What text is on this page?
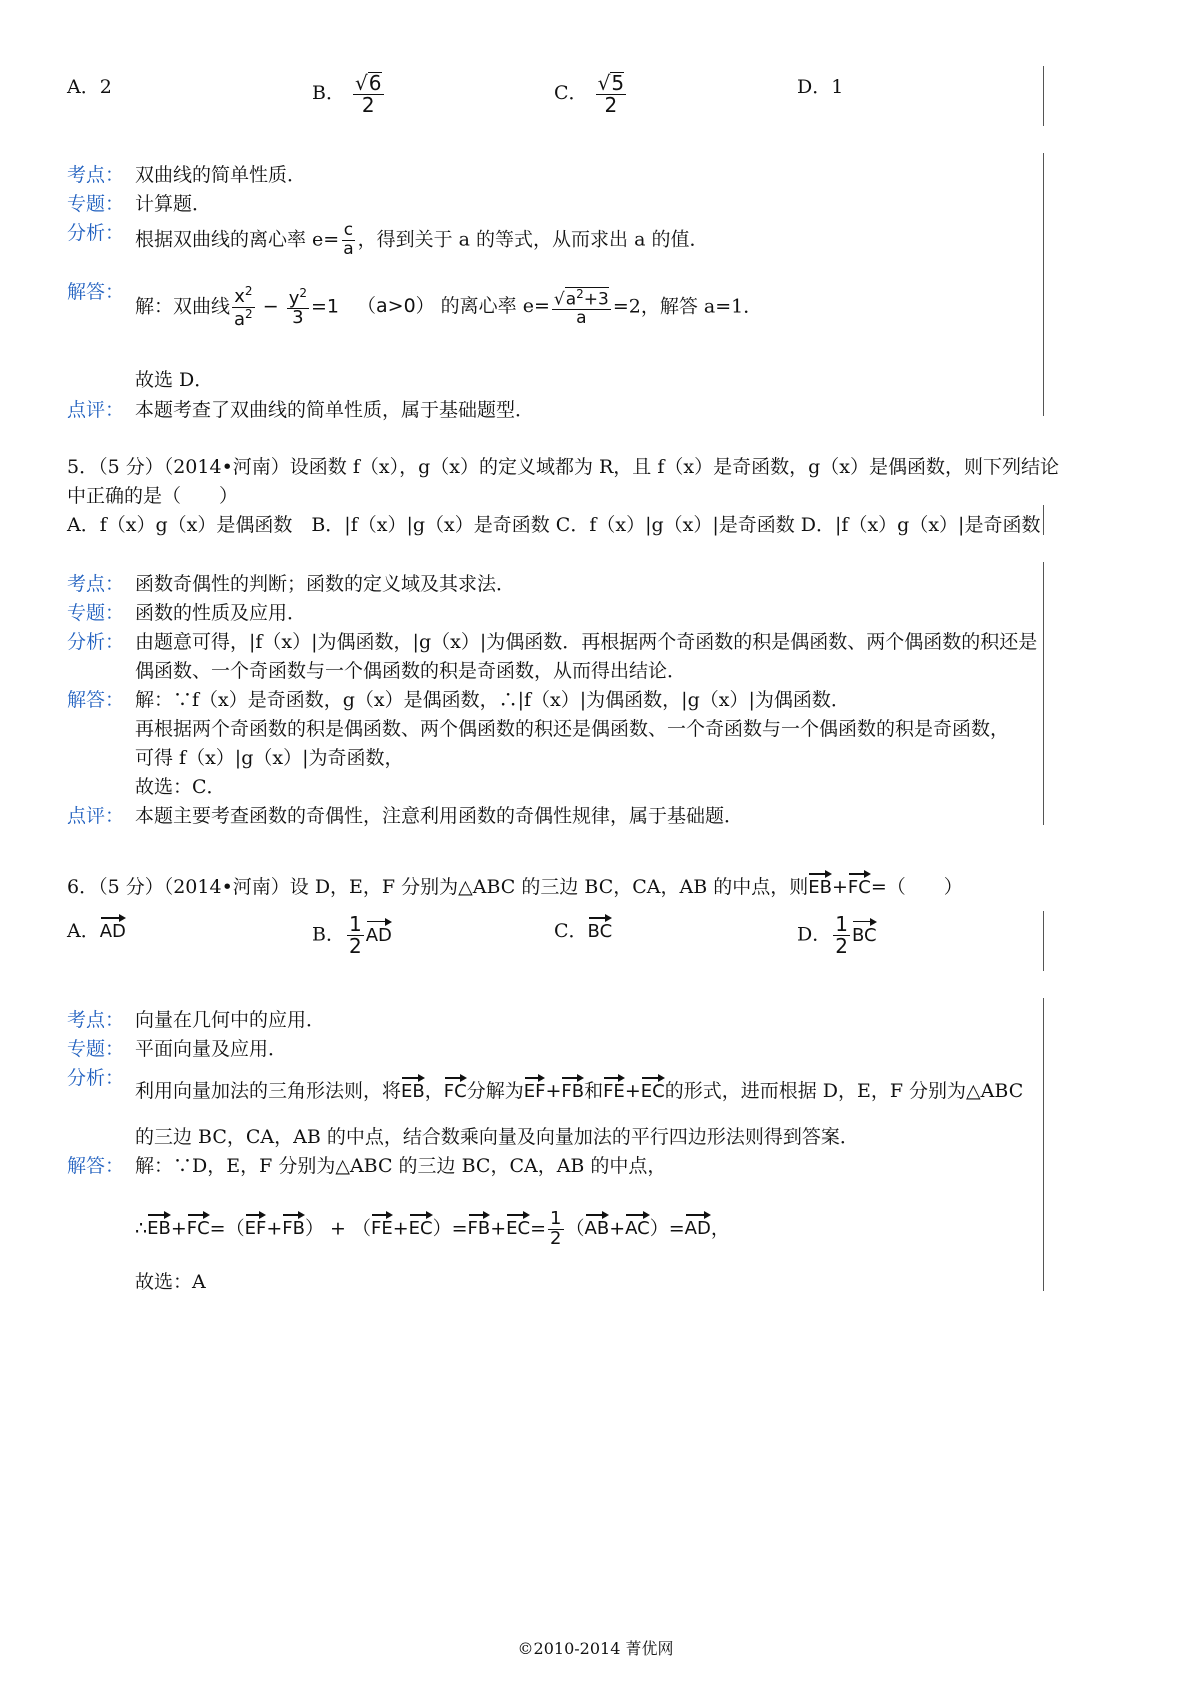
A．2	B． $\frac{√6}{2}$	C． $\frac{√5}{2}$	D．1
考点： 双曲线的简单性质．
专题： 计算题．
分析： 根据双曲线的离心率 $e= \frac{c}{a}$ ，得到关于 a 的等式，从而求出 a 的值．
解答：
解：双曲线 $\frac{x^2}{a^2} - \frac{y^2}{3} =1$ （a>0） 的离心率 $e= \frac{√a^2+3}{a} =2$，解答 a=1．
故选 D．
点评： 本题考查了双曲线的简单性质，属于基础题型．
5．（5 分）（2014•河南）设函数 f（x），g（x）的定义域都为 R，且 f（x）是奇函数，g（x）是偶函数，则下列结论
中正确的是（　　）
A．f（x）g（x）是偶函数　B．|f（x）|g（x）是奇函数 C．f（x）|g（x）|是奇函数 D．|f（x）g（x）|是奇函数
考点： 函数奇偶性的判断；函数的定义域及其求法．
专题： 函数的性质及应用．
分析： 由题意可得，|f（x）|为偶函数，|g（x）|为偶函数．再根据两个奇函数的积是偶函数、两个偶函数的积还是
偶函数、一个奇函数与一个偶函数的积是奇函数，从而得出结论．
解答： 解：∵f（x）是奇函数，g（x）是偶函数，∴|f（x）|为偶函数，|g（x）|为偶函数．
再根据两个奇函数的积是偶函数、两个偶函数的积还是偶函数、一个奇函数与一个偶函数的积是奇函数，
可得 f（x）|g（x）|为奇函数，
故选：C．
点评： 本题主要考查函数的奇偶性，注意利用函数的奇偶性规律，属于基础题．
6．（5 分）（2014•河南）设 D，E，F 分别为△ABC 的三边 BC，CA，AB 的中点，则EB+FC=（　　）
A．AD	B． $\frac{1}{2}$ AD	C．BC	D． $\frac{1}{2}$ BC
考点： 向量在几何中的应用．
专题： 平面向量及应用．
分析：
利用向量加法的三角形法则，将EB，FC分解为EF+FB和FE+EC的形式，进而根据 D，E，F 分别为△ABC
的三边 BC，CA，AB 的中点，结合数乘向量及向量加法的平行四边形法则得到答案．
解答： 解：∵D，E，F 分别为△ABC 的三边 BC，CA，AB 的中点，
∴EB+FC=（EF+FB） + $(FE+EC)=FB+EC= \frac{1}{2} (AB+AC)=AD$，
故选：A
©2010-2014 菁优网
